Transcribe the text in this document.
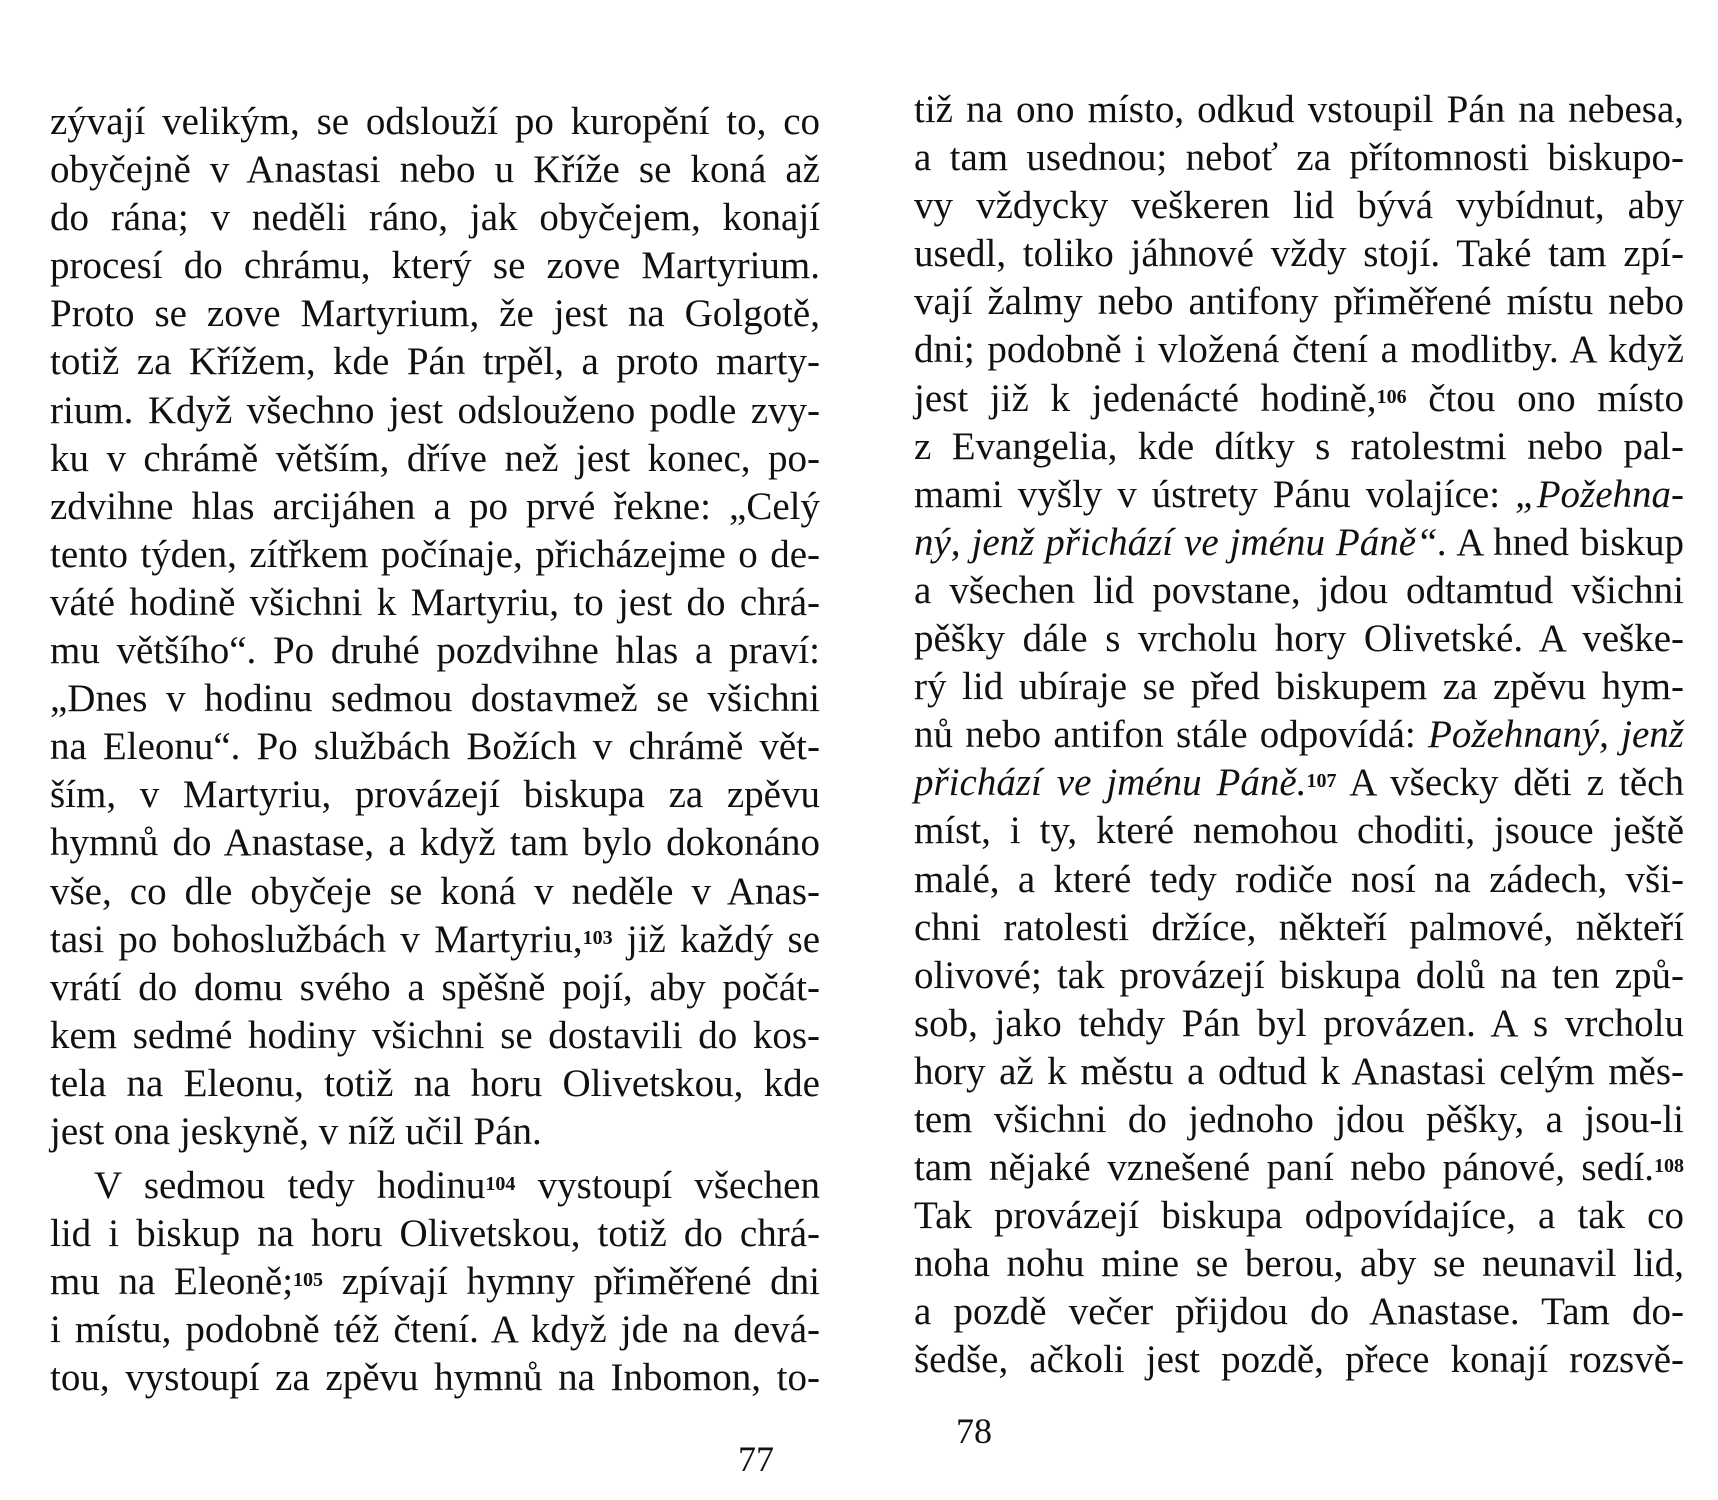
zývají velikým, se odslouží po kuropění to, co
obyčejně v Anastasi nebo u Kříže se koná až
do rána; v neděli ráno, jak obyčejem, konají
procesí do chrámu, který se zove Martyrium.
Proto se zove Martyrium, že jest na Golgotě,
totiž za Křížem, kde Pán trpěl, a proto marty-
rium. Když všechno jest odslouženo podle zvy-
ku v chrámě větším, dříve než jest konec, po-
zdvihne hlas arcijáhen a po prvé řekne: „Celý
tento týden, zítřkem počínaje, přicházejme o de-
váté hodině všichni k Martyriu, to jest do chrá-
mu většího“. Po druhé pozdvihne hlas a praví:
„Dnes v hodinu sedmou dostavmež se všichni
na Eleonu“. Po službách Božích v chrámě vět-
ším, v Martyriu, provázejí biskupa za zpěvu
hymnů do Anastase, a když tam bylo dokonáno
vše, co dle obyčeje se koná v neděle v Anas-
tasi po bohoslužbách v Martyriu,$^{103}$ již každý se
vrátí do domu svého a spěšně pojí, aby počát-
kem sedmé hodiny všichni se dostavili do kos-
tela na Eleonu, totiž na horu Olivetskou, kde
jest ona jeskyně, v níž učil Pán.
V sedmou tedy hodinu$^{104}$ vystoupí všechen
lid i biskup na horu Olivetskou, totiž do chrá-
mu na Eleoně;$^{105}$ zpívají hymny přiměřené dni
i místu, podobně též čtení. A když jde na devá-
tou, vystoupí za zpěvu hymnů na Inbomon, to-
tiž na ono místo, odkud vstoupil Pán na nebesa,
a tam usednou; neboť za přítomnosti biskupo-
vy vždycky veškeren lid bývá vybídnut, aby
usedl, toliko jáhnové vždy stojí. Také tam zpí-
vají žalmy nebo antifony přiměřené místu nebo
dni; podobně i vložená čtení a modlitby. A když
jest již k jedenácté hodině,$^{106}$ čtou ono místo
z Evangelia, kde dítky s ratolestmi nebo pal-
mami vyšly v ústrety Pánu volajíce: „Požehna-
ný, jenž přichází ve jménu Páně“. A hned biskup
a všechen lid povstane, jdou odtamtud všichni
pěšky dále s vrcholu hory Olivetské. A veške-
rý lid ubíraje se před biskupem za zpěvu hym-
nů nebo antifon stále odpovídá: Požehnaný, jenž
přichází ve jménu Páně.$^{107}$ A všecky děti z těch
míst, i ty, které nemohou choditi, jsouce ještě
malé, a které tedy rodiče nosí na zádech, vši-
chni ratolesti držíce, někteří palmové, někteří
olivové; tak provázejí biskupa dolů na ten způ-
sob, jako tehdy Pán byl provázen. A s vrcholu
hory až k městu a odtud k Anastasi celým měs-
tem všichni do jednoho jdou pěšky, a jsou-li
tam nějaké vznešené paní nebo pánové, sedí.$^{108}$
Tak provázejí biskupa odpovídajíce, a tak co
noha nohu mine se berou, aby se neunavil lid,
a pozdě večer přijdou do Anastase. Tam do-
šedše, ačkoli jest pozdě, přece konají rozsvě-
77
78
